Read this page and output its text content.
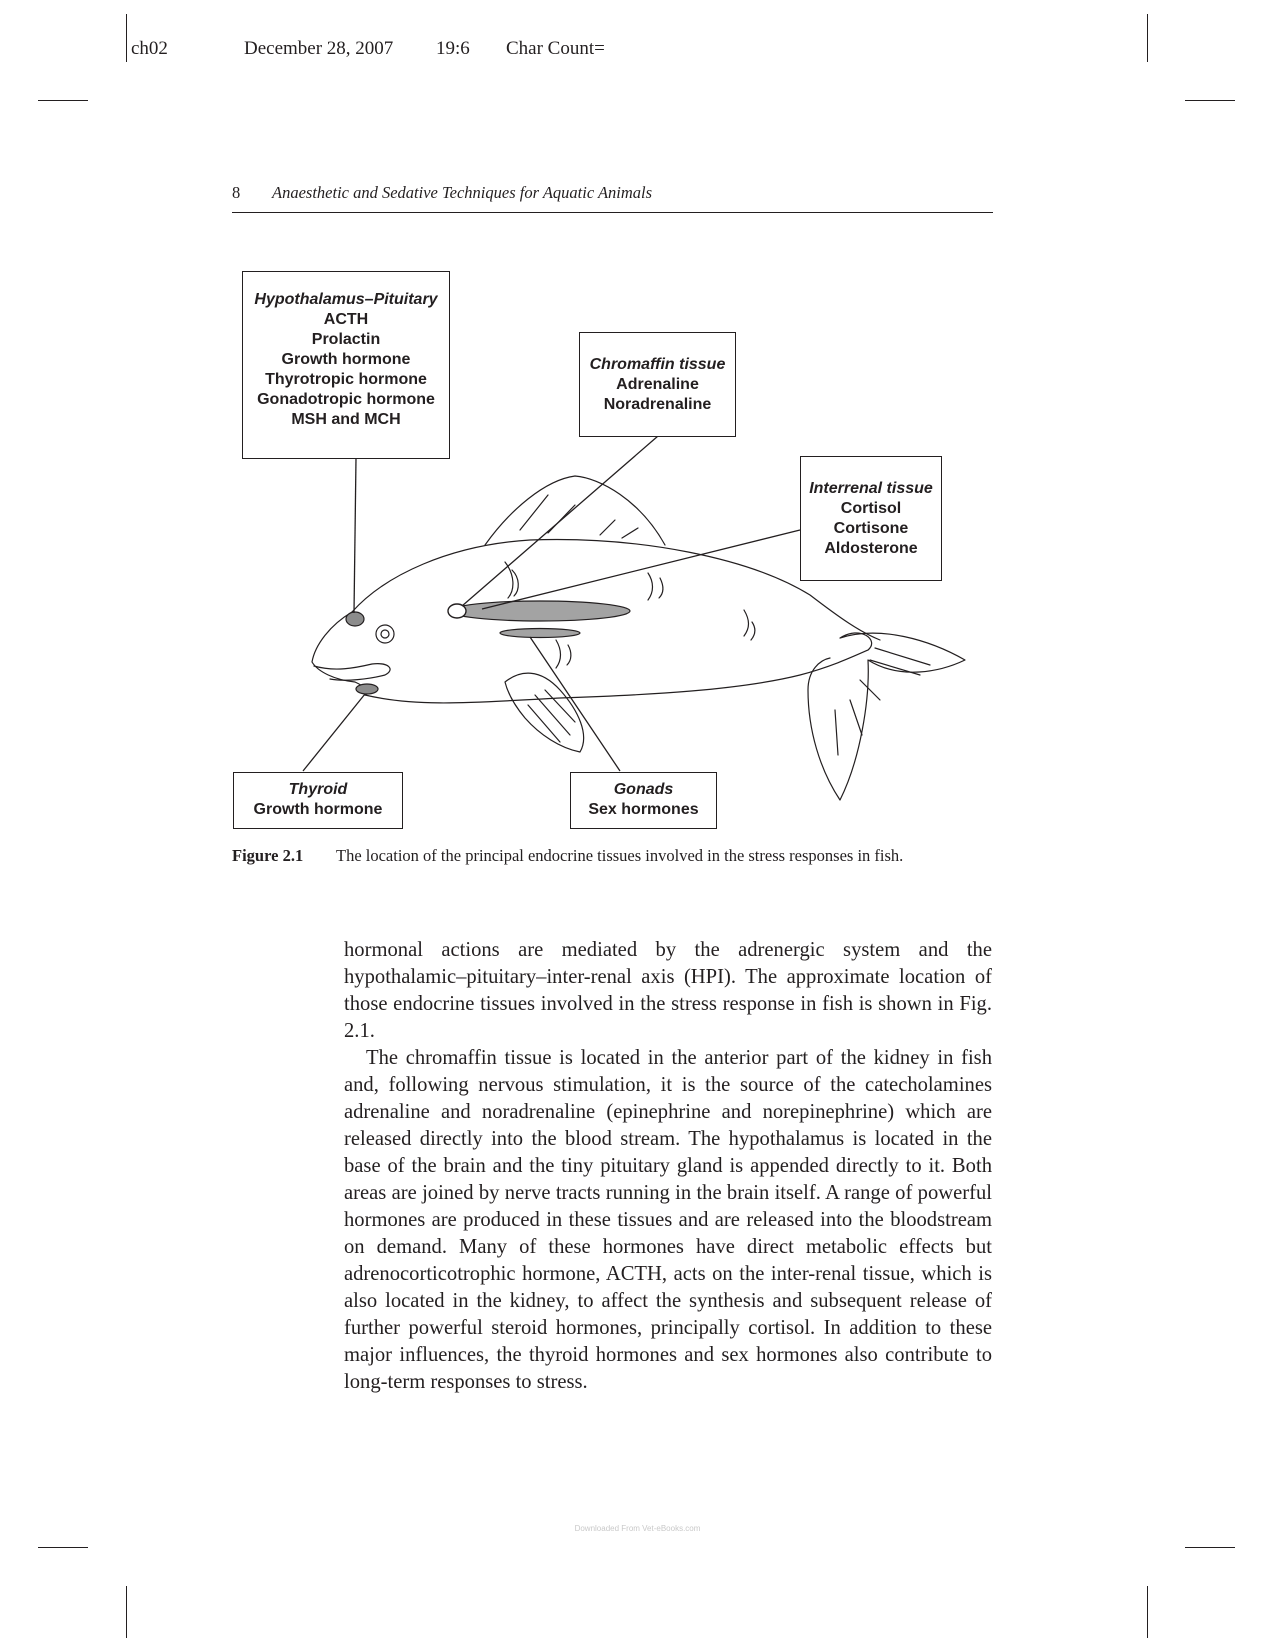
ch02	December 28, 2007 19:6 Char Count=
8 Anaesthetic and Sedative Techniques for Aquatic Animals
Hypothalamus–Pituitary
ACTH
Prolactin
Growth hormone
Thyrotropic hormone
Gonadotropic hormone
MSH and MCH
Chromaffin tissue
Adrenaline
Noradrenaline
Interrenal tissue
Cortisol
Cortisone
Aldosterone
Thyroid
Growth hormone
Gonads
Sex hormones
Figure 2.1 The location of the principal endocrine tissues involved in the stress responses in fish.

hormonal actions are mediated by the adrenergic system and the hypothalamic–pituitary–inter-renal axis (HPI). The approximate location of those endocrine tissues involved in the stress response in fish is shown in Fig. 2.1.

The chromaffin tissue is located in the anterior part of the kidney in fish and, following nervous stimulation, it is the source of the catecholamines adrenaline and noradrenaline (epinephrine and norepinephrine) which are released directly into the blood stream. The hypothalamus is located in the base of the brain and the tiny pituitary gland is appended directly to it. Both areas are joined by nerve tracts running in the brain itself. A range of powerful hormones are produced in these tissues and are released into the bloodstream on demand. Many of these hormones have direct metabolic effects but adrenocorticotrophic hormone, ACTH, acts on the inter-renal tissue, which is also located in the kidney, to affect the synthesis and subsequent release of further powerful steroid hormones, principally cortisol. In addition to these major influences, the thyroid hormones and sex hormones also contribute to long-term responses to stress.

Downloaded From Vet-eBooks.com
